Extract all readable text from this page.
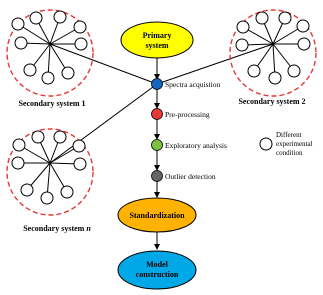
Primary
system
Secondary system 1	Secondary system 2
Secondary system n
Spectra acquistion
Pre-processing
Exploratory analysis
Outlier detection
Standardization
Model
construction
Different
experimental
condition
